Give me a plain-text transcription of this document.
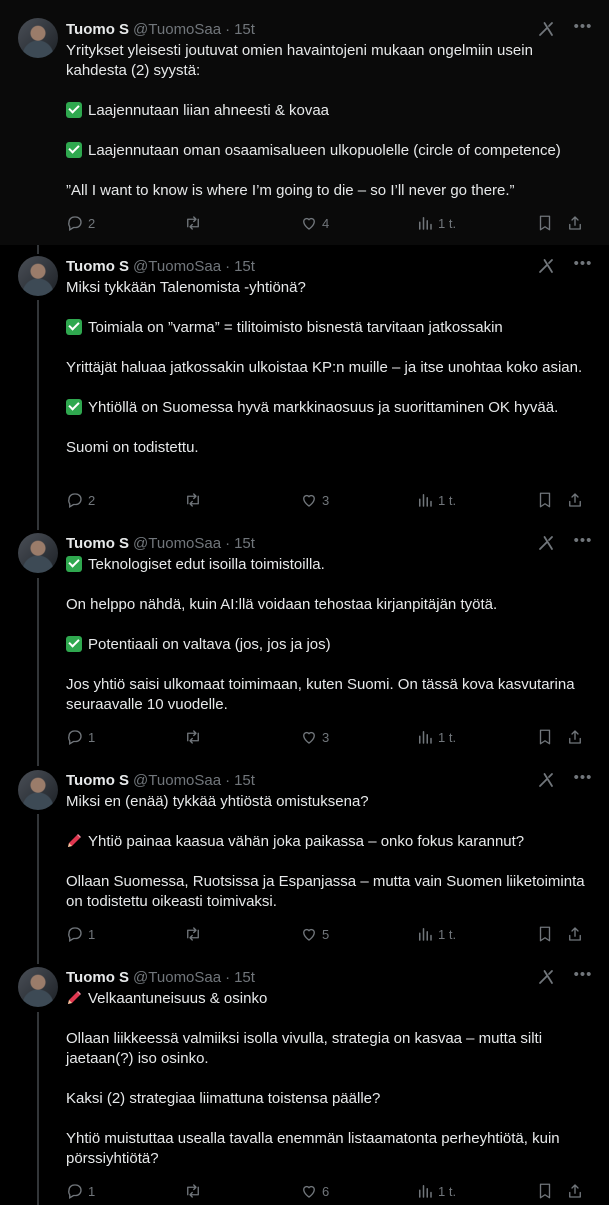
Tuomo S @TuomoSaa · 15t	•••

Yritykset yleisesti joutuvat omien havaintojeni mukaan ongelmiin usein kahdesta (2) syystä:

Laajennutaan liian ahneesti & kovaa

Laajennutaan oman osaamisalueen ulkopuolelle (circle of competence)

”All I want to know is where I’m going to die – so I’ll never go there.”

2	4	1 t.
Tuomo S @TuomoSaa · 15t	•••

Miksi tykkään Talenomista -yhtiönä?

Toimiala on ”varma” = tilitoimisto bisnestä tarvitaan jatkossakin

Yrittäjät haluaa jatkossakin ulkoistaa KP:n muille – ja itse unohtaa koko asian.

Yhtiöllä on Suomessa hyvä markkinaosuus ja suorittaminen OK hyvää.

Suomi on todistettu.

2	3	1 t.
Tuomo S @TuomoSaa · 15t	•••

Teknologiset edut isoilla toimistoilla.

On helppo nähdä, kuin AI:llä voidaan tehostaa kirjanpitäjän työtä.

Potentiaali on valtava (jos, jos ja jos)

Jos yhtiö saisi ulkomaat toimimaan, kuten Suomi. On tässä kova kasvutarina seuraavalle 10 vuodelle.

1	3	1 t.
Tuomo S @TuomoSaa · 15t	•••

Miksi en (enää) tykkää yhtiöstä omistuksena?

Yhtiö painaa kaasua vähän joka paikassa – onko fokus karannut?

Ollaan Suomessa, Ruotsissa ja Espanjassa – mutta vain Suomen liiketoiminta on todistettu oikeasti toimivaksi.

1	5	1 t.
Tuomo S @TuomoSaa · 15t	•••

Velkaantuneisuus & osinko

Ollaan liikkeessä valmiiksi isolla vivulla, strategia on kasvaa – mutta silti jaetaan(?) iso osinko.

Kaksi (2) strategiaa liimattuna toistensa päälle?

Yhtiö muistuttaa usealla tavalla enemmän listaamatonta perheyhtiötä, kuin pörssiyhtiötä?

1	6	1 t.
